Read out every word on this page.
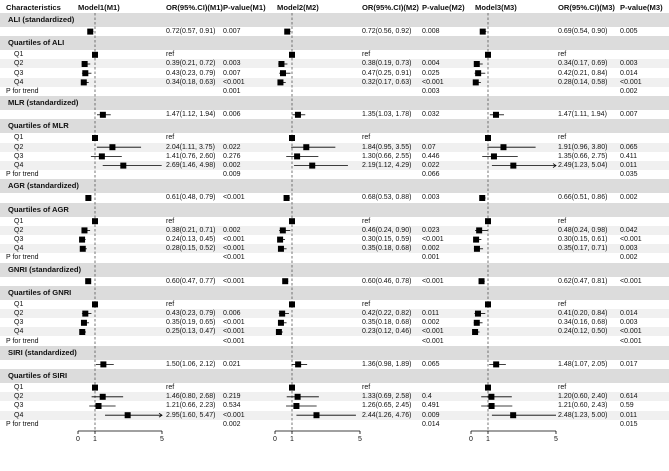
0 1	5	0 1	5	0 1	5
Characteristics Model1(M1)	OR(95%.CI)(M1) P-value(M1) Model2(M2)	OR(95%.CI)(M2) P-value(M2) Model3(M3)	OR(95%.CI)(M3) P-value(M3)
ALI (standardized)
0.72(0.57, 0.91) 0.007	0.72(0.56, 0.92) 0.008	0.69(0.54, 0.90) 0.005
Quartiles of ALI
Q1	ref	ref	ref
Q2	0.39(0.21, 0.72) 0.003	0.38(0.19, 0.73) 0.004	0.34(0.17, 0.69) 0.003
Q3	0.43(0.23, 0.79) 0.007	0.47(0.25, 0.91) 0.025	0.42(0.21, 0.84) 0.014
Q4	0.34(0.18, 0.63) <0.001	0.32(0.17, 0.63) <0.001	0.28(0.14, 0.58) <0.001
P for trend	0.001	0.003	0.002
MLR (standardized)
1.47(1.12, 1.94) 0.006	1.35(1.03, 1.78) 0.032	1.47(1.11, 1.94) 0.007
Quartiles of MLR
Q1	ref	ref	ref
Q2	2.04(1.11, 3.75) 0.022	1.84(0.95, 3.55) 0.07	1.91(0.96, 3.80) 0.065
Q3	1.41(0.76, 2.60) 0.276	1.30(0.66, 2.55) 0.446	1.35(0.66, 2.75) 0.411
Q4	2.69(1.46, 4.98) 0.002	2.19(1.12, 4.29) 0.022	2.49(1.23, 5.04) 0.011
P for trend	0.009	0.066	0.035
AGR (standardized)
0.61(0.48, 0.79) <0.001	0.68(0.53, 0.88) 0.003	0.66(0.51, 0.86) 0.002
Quartiles of AGR
Q1	ref	ref	ref
Q2	0.38(0.21, 0.71) 0.002	0.46(0.24, 0.90) 0.023	0.48(0.24, 0.98) 0.042
Q3	0.24(0.13, 0.45) <0.001	0.30(0.15, 0.59) <0.001	0.30(0.15, 0.61) <0.001
Q4	0.28(0.15, 0.52) <0.001	0.35(0.18, 0.68) 0.002	0.35(0.17, 0.71) 0.003
P for trend	<0.001	0.001	0.002
GNRI (standardized)
0.60(0.47, 0.77) <0.001	0.60(0.46, 0.78) <0.001	0.62(0.47, 0.81) <0.001
Quartiles of GNRI
Q1	ref	ref	ref
Q2	0.43(0.23, 0.79) 0.006	0.42(0.22, 0.82) 0.011	0.41(0.20, 0.84) 0.014
Q3	0.35(0.19, 0.65) <0.001	0.35(0.18, 0.68) 0.002	0.34(0.16, 0.68) 0.003
Q4	0.25(0.13, 0.47) <0.001	0.23(0.12, 0.46) <0.001	0.24(0.12, 0.50) <0.001
P for trend	<0.001	<0.001	<0.001
SIRI (standardized)
1.50(1.06, 2.12) 0.021	1.36(0.98, 1.89) 0.065	1.48(1.07, 2.05) 0.017
Quartiles of SIRI
Q1	ref	ref	ref
Q2	1.46(0.80, 2.68) 0.219	1.33(0.69, 2.58) 0.4	1.20(0.60, 2.40) 0.614
Q3	1.21(0.66, 2.23) 0.534	1.26(0.65, 2.45) 0.491	1.21(0.60, 2.43) 0.59
Q4	2.95(1.60, 5.47) <0.001	2.44(1.26, 4.76) 0.009	2.48(1.23, 5.00) 0.011
P for trend	0.002	0.014	0.015
